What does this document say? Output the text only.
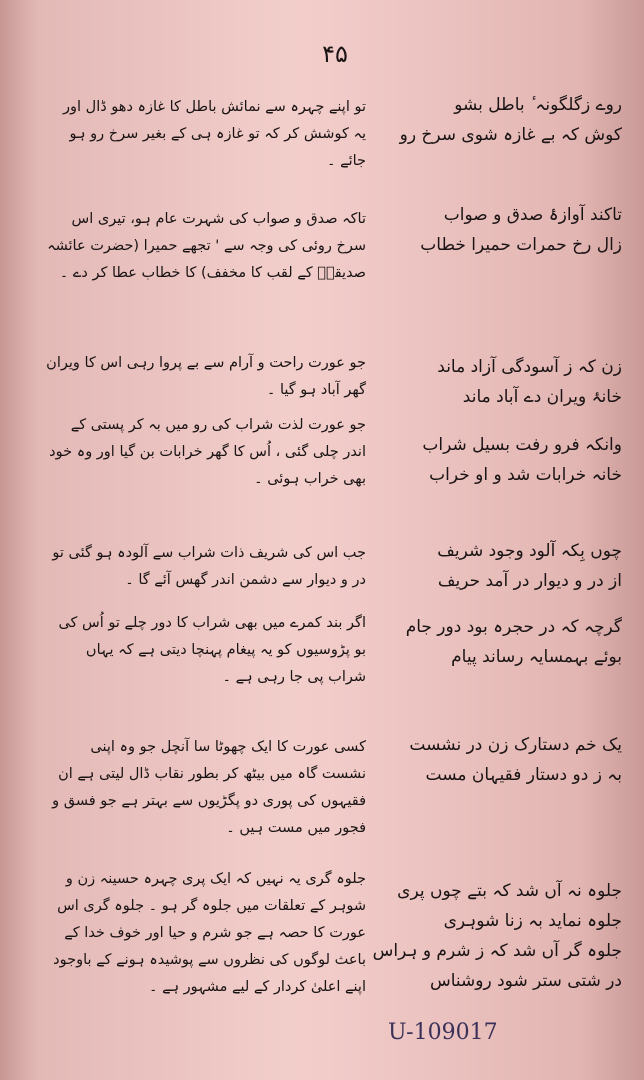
۴۵

روے زگلگونہ ٔ باطل بشو

کوش کہ بے غازہ شوی سرخ رو

تاکند آوازۂ صدق و صواب

زال رخ حمرات حمیرا خطاب

زن کہ ز آسودگی آزاد ماند

خانۂ ویران دے آباد ماند

وانکہ فرو رفت بسیل شراب

خانہ خرابات شد و او خراب

چوں بِکہ آلود وجود شریف

از در و دیوار در آمد حریف

گرچہ کہ در حجرہ بود دور جام

بوئے بہمسایہ رساند پیام

یک خم دستارک زن در نشست

بہ ز دو دستار فقیہان مست

جلوہ نہ آں شد کہ بتے چوں پری

جلوہ نماید بہ زنا شوہری

جلوہ گر آں شد کہ ز شرم و ہراس

در شتی ستر شود روشناس

تو اپنے چہرہ سے نمائش باطل کا غازہ دھو ڈال اور یہ کوشش کر کہ تو غازہ ہی کے بغیر سرخ رو ہو جائے ۔

تاکہ صدق و صواب کی شہرت عام ہو، تیری اس سرخ روئی کی وجہ سے ' تجھے حمیرا (حضرت عائشہ صدیقہؓ کے لقب کا مخفف) کا خطاب عطا کر دے ۔

جو عورت راحت و آرام سے بے پروا رہی اس کا ویران گھر آباد ہو گیا ۔

جو عورت لذت شراب کی رو میں بہ کر پستی کے اندر چلی گئی ، اُس کا گھر خرابات بن گیا اور وہ خود بھی خراب ہوئی ۔

جب اس کی شریف ذات شراب سے آلودہ ہو گئی تو در و دیوار سے دشمن اندر گھس آئے گا ۔

اگر بند کمرے میں بھی شراب کا دور چلے تو اُس کی بو پڑوسیوں کو یہ پیغام پہنچا دیتی ہے کہ یہاں شراب پی جا رہی ہے ۔

کسی عورت کا ایک چھوٹا سا آنچل جو وہ اپنی نشست گاہ میں بیٹھ کر بطور نقاب ڈال لیتی ہے ان فقیہوں کی پوری دو پگڑیوں سے بہتر ہے جو فسق و فجور میں مست ہیں ۔

جلوہ گری یہ نہیں کہ ایک پری چہرہ حسینہ زن و شوہر کے تعلقات میں جلوہ گر ہو ۔ جلوہ گری اس عورت کا حصہ ہے جو شرم و حیا اور خوف خدا کے باعث لوگوں کی نظروں سے پوشیدہ ہونے کے باوجود اپنے اعلیٰ کردار کے لیے مشہور ہے ۔

U-109017
